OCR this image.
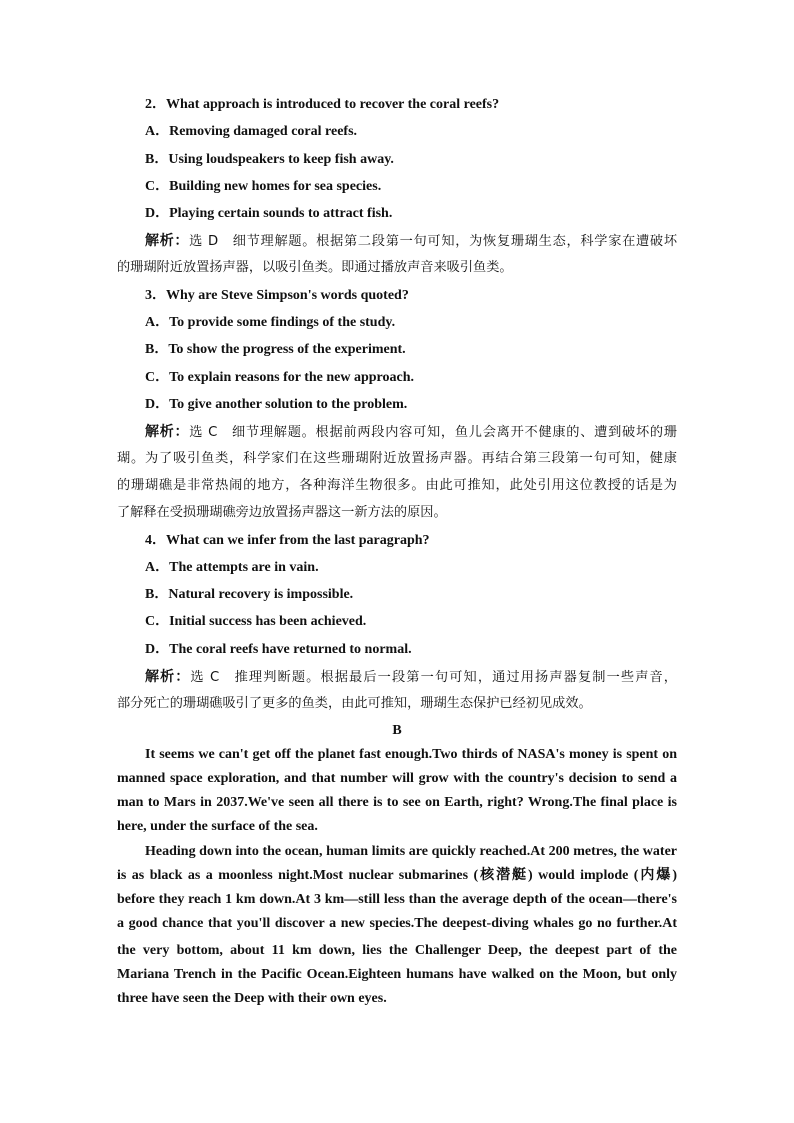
2．What approach is introduced to recover the coral reefs?
A．Removing damaged coral reefs.
B．Using loudspeakers to keep fish away.
C．Building new homes for sea species.
D．Playing certain sounds to attract fish.
解析：选 D　细节理解题。根据第二段第一句可知，为恢复珊瑚生态，科学家在遭破坏
的珊瑚附近放置扬声器，以吸引鱼类。即通过播放声音来吸引鱼类。
3．Why are Steve Simpson's words quoted?
A．To provide some findings of the study.
B．To show the progress of the experiment.
C．To explain reasons for the new approach.
D．To give another solution to the problem.
解析：选 C　细节理解题。根据前两段内容可知，鱼儿会离开不健康的、遭到破坏的珊
瑚。为了吸引鱼类，科学家们在这些珊瑚附近放置扬声器。再结合第三段第一句可知，健康
的珊瑚礁是非常热闹的地方，各种海洋生物很多。由此可推知，此处引用这位教授的话是为
了解释在受损珊瑚礁旁边放置扬声器这一新方法的原因。
4．What can we infer from the last paragraph?
A．The attempts are in vain.
B．Natural recovery is impossible.
C．Initial success has been achieved.
D．The coral reefs have returned to normal.
解析：选 C　推理判断题。根据最后一段第一句可知，通过用扬声器复制一些声音，
部分死亡的珊瑚礁吸引了更多的鱼类，由此可推知，珊瑚生态保护已经初见成效。
B
It seems we can't get off the planet fast enough.Two thirds of NASA's money is spent on
manned space exploration, and that number will grow with the country's decision to send a
man to Mars in 2037.We've seen all there is to see on Earth, right? Wrong.The final place is
here, under the surface of the sea.
Heading down into the ocean, human limits are quickly reached.At 200 metres, the water
is as black as a moonless night.Most nuclear submarines (核潜艇) would implode (内爆)
before they reach 1 km down.At 3 km—still less than the average depth of the ocean—there's
a good chance that you'll discover a new species.The deepest-diving whales go no further.At
the very bottom, about 11 km down, lies the Challenger Deep, the deepest part of the
Mariana Trench in the Pacific Ocean.Eighteen humans have walked on the Moon, but only
three have seen the Deep with their own eyes.
